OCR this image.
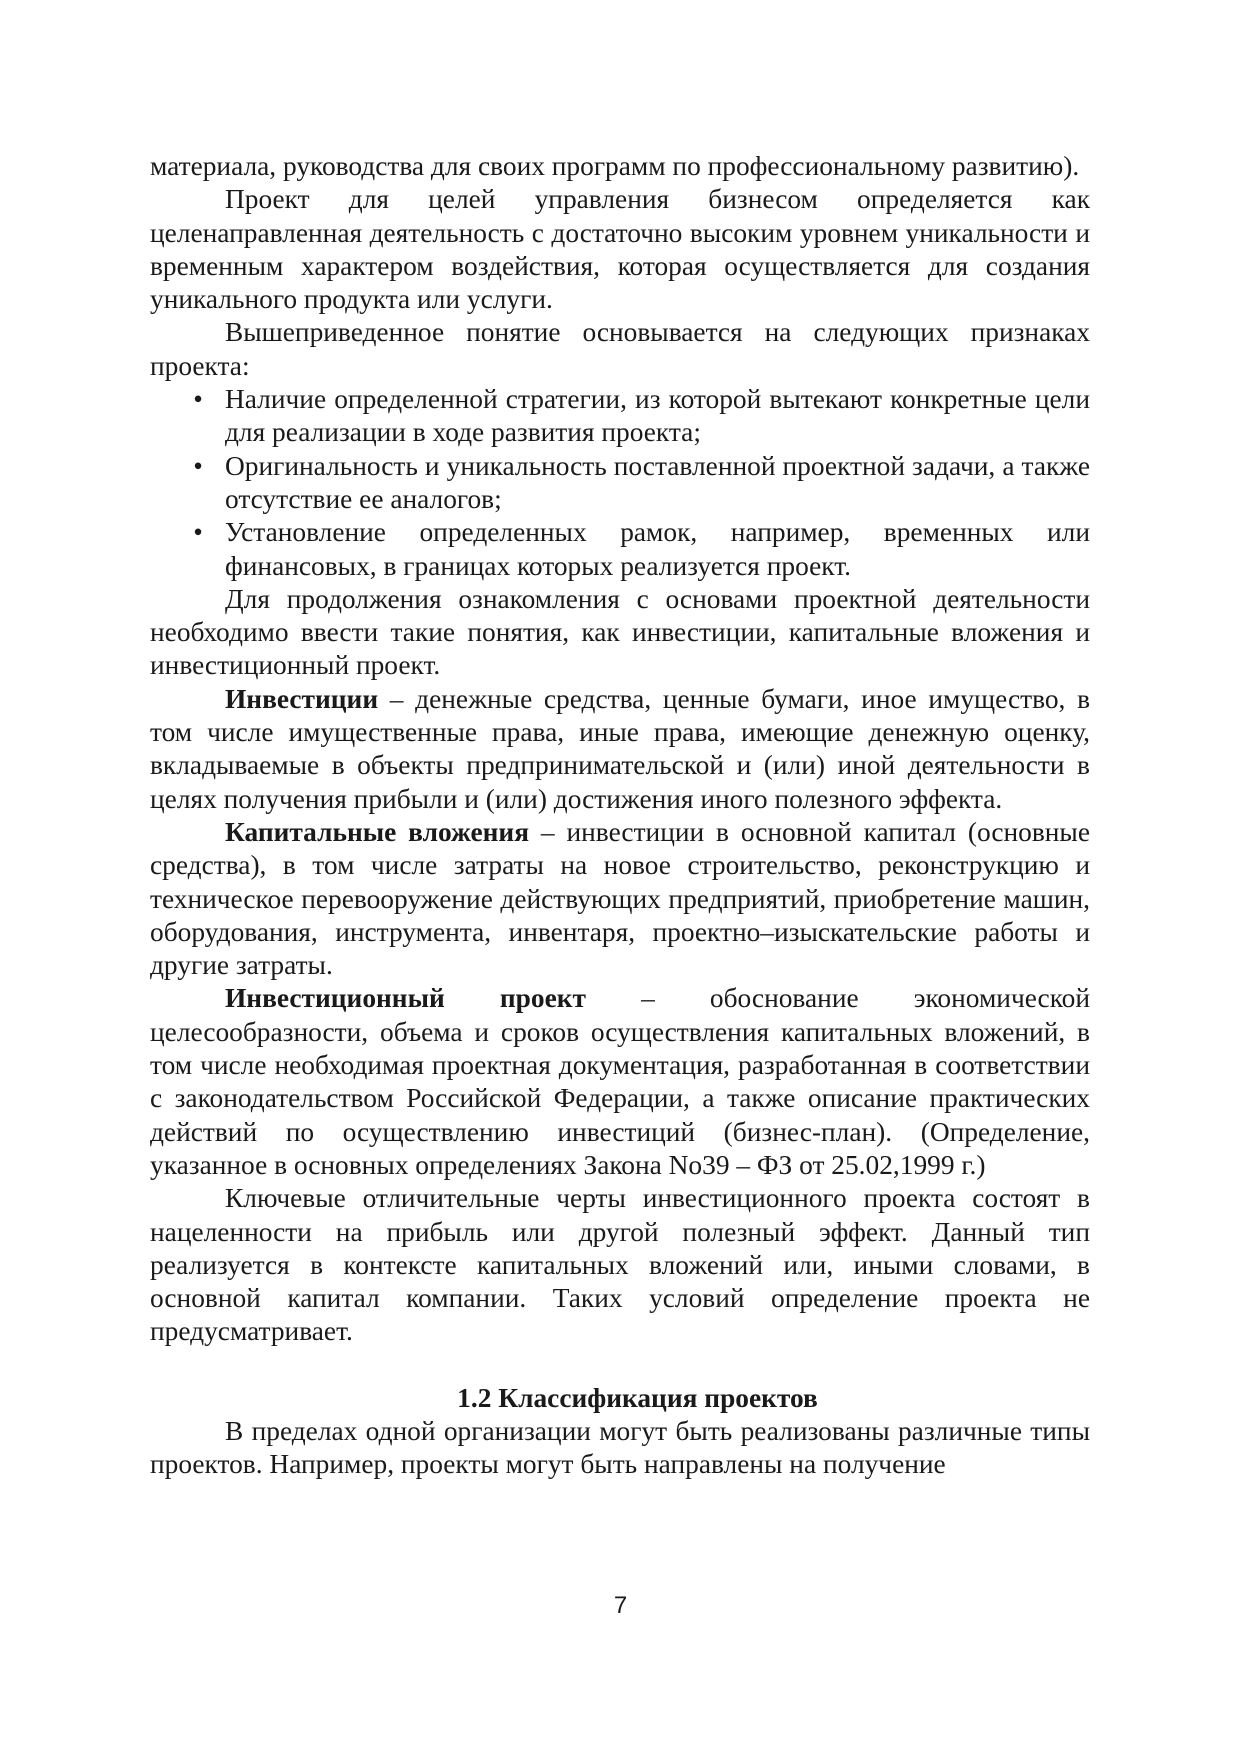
материала, руководства для своих программ по профессиональному развитию).

Проект для целей управления бизнесом определяется как целенаправленная деятельность с достаточно высоким уровнем уникальности и временным характером воздействия, которая осуществляется для создания уникального продукта или услуги.

Вышеприведенное понятие основывается на следующих признаках проекта:

• Наличие определенной стратегии, из которой вытекают конкретные цели для реализации в ходе развития проекта;
• Оригинальность и уникальность поставленной проектной задачи, а также отсутствие ее аналогов;
• Установление определенных рамок, например, временных или финансовых, в границах которых реализуется проект.

Для продолжения ознакомления с основами проектной деятельности необходимо ввести такие понятия, как инвестиции, капитальные вложения и инвестиционный проект.

Инвестиции – денежные средства, ценные бумаги, иное имущество, в том числе имущественные права, иные права, имеющие денежную оценку, вкладываемые в объекты предпринимательской и (или) иной деятельности в целях получения прибыли и (или) достижения иного полезного эффекта.

Капитальные вложения – инвестиции в основной капитал (основные средства), в том числе затраты на новое строительство, реконструкцию и техническое перевооружение действующих предприятий, приобретение машин, оборудования, инструмента, инвентаря, проектно–изыскательские работы и другие затраты.

Инвестиционный проект – обоснование экономической целесообразности, объема и сроков осуществления капитальных вложений, в том числе необходимая проектная документация, разработанная в соответствии с законодательством Российской Федерации, а также описание практических действий по осуществлению инвестиций (бизнес-план). (Определение, указанное в основных определениях Закона No39 – ФЗ от 25.02,1999 г.)

Ключевые отличительные черты инвестиционного проекта состоят в нацеленности на прибыль или другой полезный эффект. Данный тип реализуется в контексте капитальных вложений или, иными словами, в основной капитал компании. Таких условий определение проекта не предусматривает.

1.2 Классификация проектов

В пределах одной организации могут быть реализованы различные типы проектов. Например, проекты могут быть направлены на получение

7
